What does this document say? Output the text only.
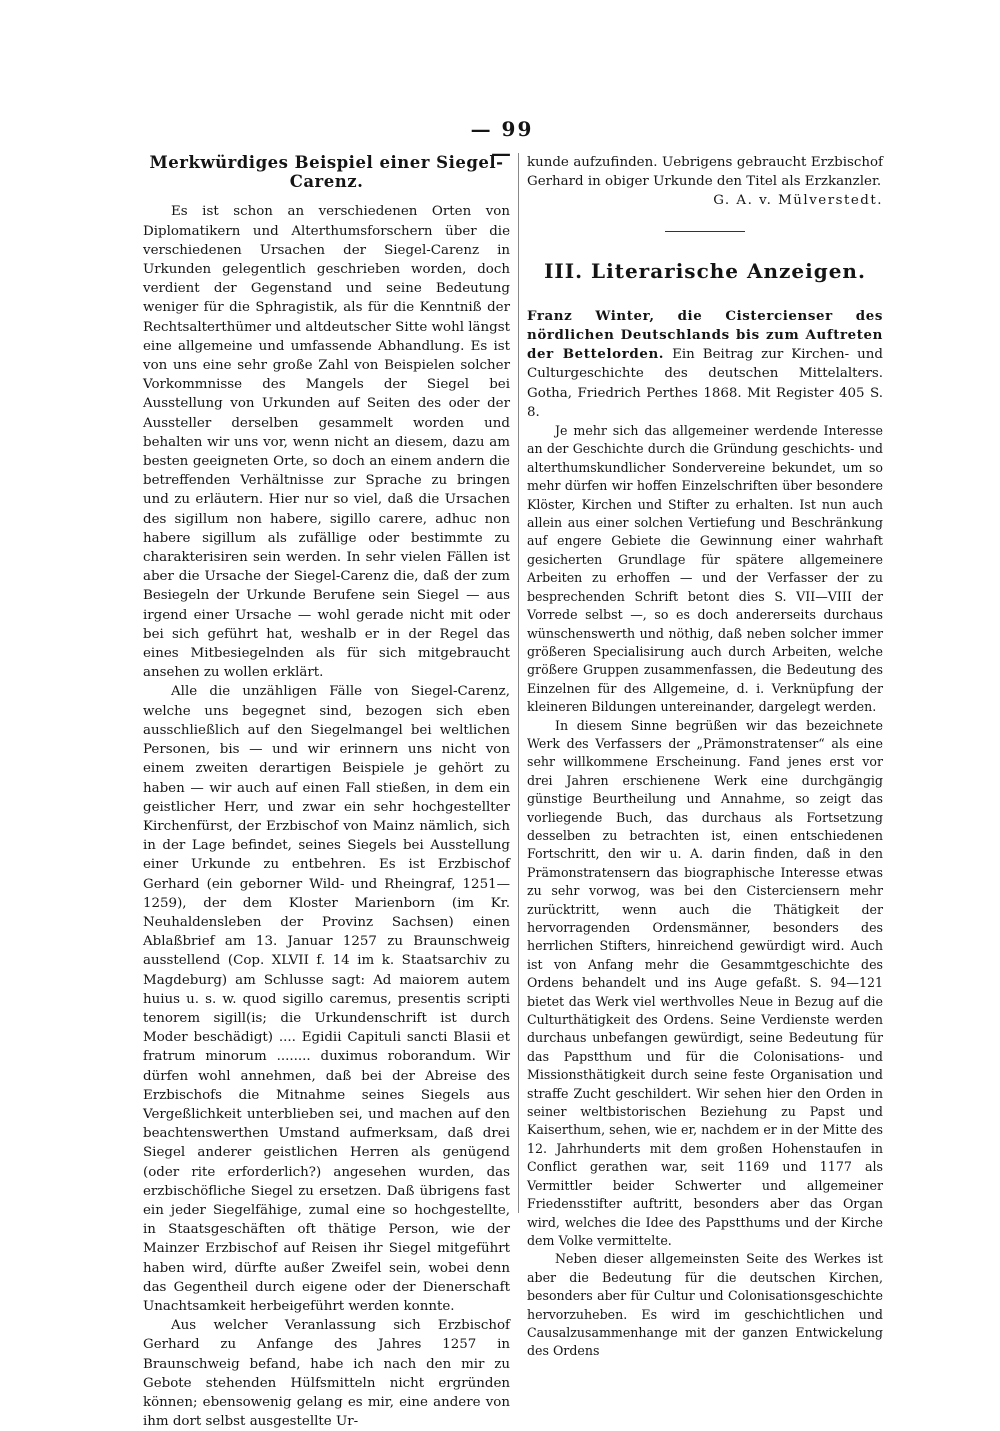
— 99 —
Merkwürdiges Beispiel einer Siegel-Carenz.

Es ist schon an verschiedenen Orten von Diplomatikern und Alterthumsforschern über die verschiedenen Ursachen der Siegel-Carenz in Urkunden gelegentlich geschrieben worden, doch verdient der Gegenstand und seine Bedeutung weniger für die Sphragistik, als für die Kenntniß der Rechtsalterthümer und altdeutscher Sitte wohl längst eine allgemeine und umfassende Abhandlung. Es ist von uns eine sehr große Zahl von Beispielen solcher Vorkommnisse des Mangels der Siegel bei Ausstellung von Urkunden auf Seiten des oder der Aussteller derselben gesammelt worden und behalten wir uns vor, wenn nicht an diesem, dazu am besten geeigneten Orte, so doch an einem andern die betreffenden Verhältnisse zur Sprache zu bringen und zu erläutern. Hier nur so viel, daß die Ursachen des sigillum non habere, sigillo carere, adhuc non habere sigillum als zufällige oder bestimmte zu charakterisiren sein werden. In sehr vielen Fällen ist aber die Ursache der Siegel-Carenz die, daß der zum Besiegeln der Urkunde Berufene sein Siegel — aus irgend einer Ursache — wohl gerade nicht mit oder bei sich geführt hat, weshalb er in der Regel das eines Mitbesiegelnden als für sich mitgebraucht ansehen zu wollen erklärt.

Alle die unzähligen Fälle von Siegel-Carenz, welche uns begegnet sind, bezogen sich eben ausschließlich auf den Siegelmangel bei weltlichen Personen, bis — und wir erinnern uns nicht von einem zweiten derartigen Beispiele je gehört zu haben — wir auch auf einen Fall stießen, in dem ein geistlicher Herr, und zwar ein sehr hochgestellter Kirchenfürst, der Erzbischof von Mainz nämlich, sich in der Lage befindet, seines Siegels bei Ausstellung einer Urkunde zu entbehren. Es ist Erzbischof Gerhard (ein geborner Wild- und Rheingraf, 1251—1259), der dem Kloster Marienborn (im Kr. Neuhaldensleben der Provinz Sachsen) einen Ablaßbrief am 13. Januar 1257 zu Braunschweig ausstellend (Cop. XLVII f. 14 im k. Staatsarchiv zu Magdeburg) am Schlusse sagt: Ad maiorem autem huius u. s. w. quod sigillo caremus, presentis scripti tenorem sigill(is; die Urkundenschrift ist durch Moder beschädigt) .... Egidii Capituli sancti Blasii et fratrum minorum ........ duximus roborandum. Wir dürfen wohl annehmen, daß bei der Abreise des Erzbischofs die Mitnahme seines Siegels aus Vergeßlichkeit unterblieben sei, und machen auf den beachtenswerthen Umstand aufmerksam, daß drei Siegel anderer geistlichen Herren als genügend (oder rite erforderlich?) angesehen wurden, das erzbischöfliche Siegel zu ersetzen. Daß übrigens fast ein jeder Siegelfähige, zumal eine so hochgestellte, in Staatsgeschäften oft thätige Person, wie der Mainzer Erzbischof auf Reisen ihr Siegel mitgeführt haben wird, dürfte außer Zweifel sein, wobei denn das Gegentheil durch eigene oder der Dienerschaft Unachtsamkeit herbeigeführt werden konnte.

Aus welcher Veranlassung sich Erzbischof Gerhard zu Anfange des Jahres 1257 in Braunschweig befand, habe ich nach den mir zu Gebote stehenden Hülfsmitteln nicht ergründen können; ebensowenig gelang es mir, eine andere von ihm dort selbst ausgestellte Ur-

kunde aufzufinden. Uebrigens gebraucht Erzbischof Gerhard in obiger Urkunde den Titel als Erzkanzler.

G. A. v. Mülverstedt.
III. Literarische Anzeigen.

Franz Winter, die Cistercienser des nördlichen Deutschlands bis zum Auftreten der Bettelorden. Ein Beitrag zur Kirchen- und Culturgeschichte des deutschen Mittelalters. Gotha, Friedrich Perthes 1868. Mit Register 405 S. 8.

Je mehr sich das allgemeiner werdende Interesse an der Geschichte durch die Gründung geschichts- und alterthumskundlicher Sondervereine bekundet, um so mehr dürfen wir hoffen Einzelschriften über besondere Klöster, Kirchen und Stifter zu erhalten. Ist nun auch allein aus einer solchen Vertiefung und Beschränkung auf engere Gebiete die Gewinnung einer wahrhaft gesicherten Grundlage für spätere allgemeinere Arbeiten zu erhoffen — und der Verfasser der zu besprechenden Schrift betont dies S. VII—VIII der Vorrede selbst —, so es doch andererseits durchaus wünschenswerth und nöthig, daß neben solcher immer größeren Specialisirung auch durch Arbeiten, welche größere Gruppen zusammenfassen, die Bedeutung des Einzelnen für des Allgemeine, d. i. Verknüpfung der kleineren Bildungen untereinander, dargelegt werden.

In diesem Sinne begrüßen wir das bezeichnete Werk des Verfassers der „Prämonstratenser“ als eine sehr willkommene Erscheinung. Fand jenes erst vor drei Jahren erschienene Werk eine durchgängig günstige Beurtheilung und Annahme, so zeigt das vorliegende Buch, das durchaus als Fortsetzung desselben zu betrachten ist, einen entschiedenen Fortschritt, den wir u. A. darin finden, daß in den Prämonstratensern das biographische Interesse etwas zu sehr vorwog, was bei den Cisterciensern mehr zurücktritt, wenn auch die Thätigkeit der hervorragenden Ordensmänner, besonders des herrlichen Stifters, hinreichend gewürdigt wird. Auch ist von Anfang mehr die Gesammtgeschichte des Ordens behandelt und ins Auge gefaßt. S. 94—121 bietet das Werk viel werthvolles Neue in Bezug auf die Culturthätigkeit des Ordens. Seine Verdienste werden durchaus unbefangen gewürdigt, seine Bedeutung für das Papstthum und für die Colonisations- und Missionsthätigkeit durch seine feste Organisation und straffe Zucht geschildert. Wir sehen hier den Orden in seiner weltbistorischen Beziehung zu Papst und Kaiserthum, sehen, wie er, nachdem er in der Mitte des 12. Jahrhunderts mit dem großen Hohenstaufen in Conflict gerathen war, seit 1169 und 1177 als Vermittler beider Schwerter und allgemeiner Friedensstifter auftritt, besonders aber das Organ wird, welches die Idee des Papstthums und der Kirche dem Volke vermittelte.

Neben dieser allgemeinsten Seite des Werkes ist aber die Bedeutung für die deutschen Kirchen, besonders aber für Cultur und Colonisationsgeschichte hervorzuheben. Es wird im geschichtlichen und Causalzusammenhange mit der ganzen Entwickelung des Ordens
